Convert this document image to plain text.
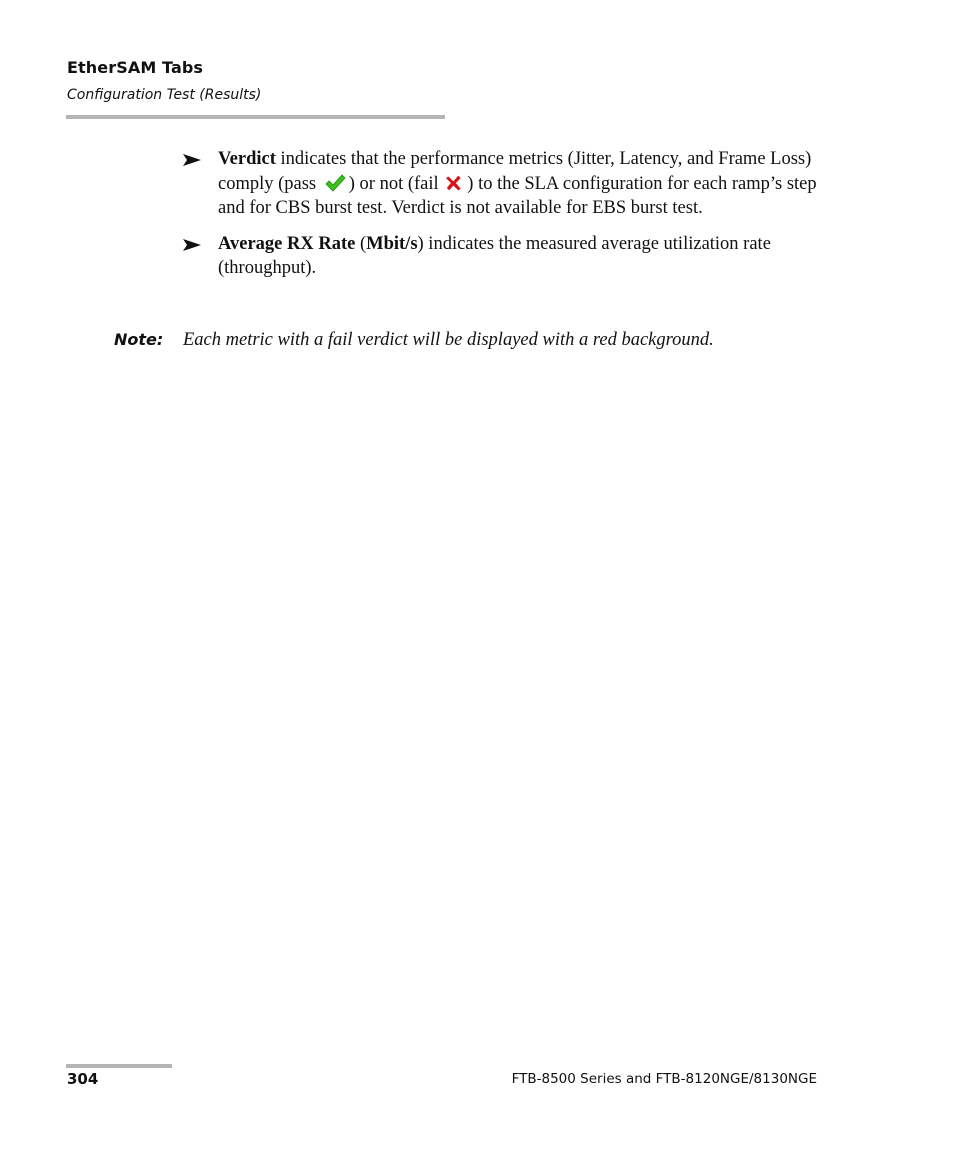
EtherSAM Tabs
Configuration Test (Results)
Verdict indicates that the performance metrics (Jitter, Latency, and Frame Loss) comply (pass ) or not (fail ) to the SLA configuration for each ramp’s step and for CBS burst test. Verdict is not available for EBS burst test.
Average RX Rate (Mbit/s) indicates the measured average utilization rate (throughput).
Note: Each metric with a fail verdict will be displayed with a red background.
304	FTB-8500 Series and FTB-8120NGE/8130NGE
